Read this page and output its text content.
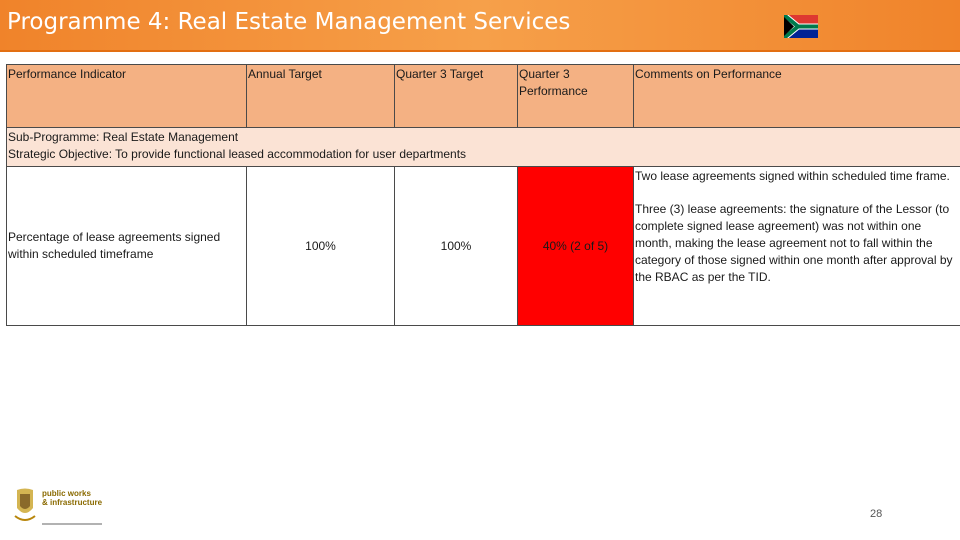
Programme 4: Real Estate Management Services
Performance Indicator	Annual Target	Quarter 3 Target	Quarter 3 Performance	Comments on Performance

Sub-Programme: Real Estate Management
Strategic Objective: To provide functional leased accommodation for user departments				

Percentage of lease agreements signed within scheduled timeframe	100%	100%	40% (2 of 5)	Two lease agreements signed within scheduled time frame.
Three (3) lease agreements: the signature of the Lessor (to complete signed lease agreement) was not within one month, making the lease agreement not to fall within the category of those signed within one month after approval by the RBAC as per the TID.
public works
& infrastructure
28
